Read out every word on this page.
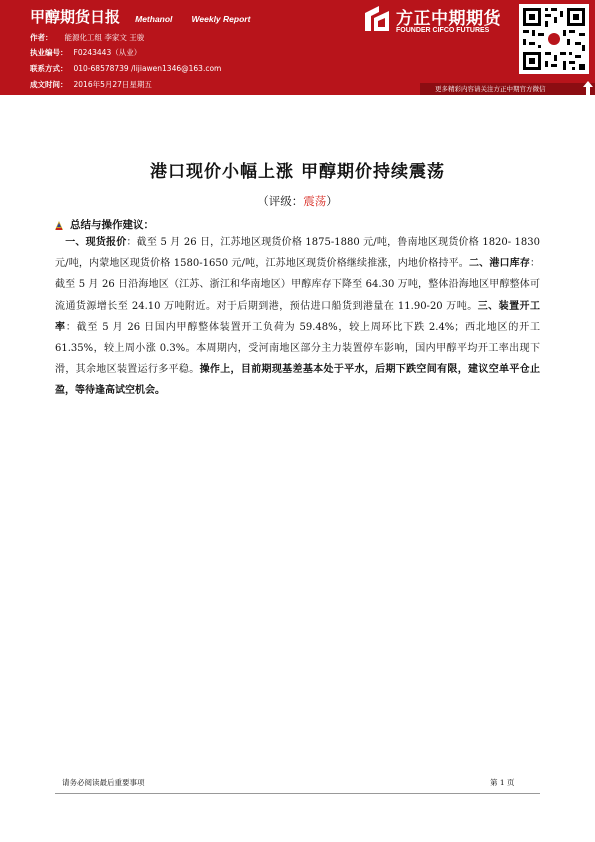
甲醇期货日报 Methanol Weekly Report
作者： 能源化工组 李家文 王骏
执业编号： F0243443（从业）
联系方式： 010-68578739 /lijiawen1346@163.com
成文时间： 2016年5月27日星期五
方正中期期货
FOUNDER CIFCO FUTURES
更多精彩内容请关注方正中期官方微信
港口现价小幅上涨 甲醇期价持续震荡
（评级：震荡）
总结与操作建议：
一、现货报价：截至 5 月 26 日，江苏地区现货价格 1875-1880 元/吨，鲁南地区现货价格 1820- 1830 元/吨，内蒙地区现货价格 1580-1650 元/吨，江苏地区现货价格继续推涨，内地价格持平。二、港口库存：截至 5 月 26 日沿海地区（江苏、浙江和华南地区）甲醇库存下降至 64.30 万吨，整体沿海地区甲醇整体可流通货源增长至 24.10 万吨附近。对于后期到港，预估进口船货到港量在 11.90-20 万吨。三、装置开工率：截至 5 月 26 日国内甲醇整体装置开工负荷为 59.48%，较上周环比下跌 2.4%；西北地区的开工 61.35%，较上周小涨 0.3%。本周期内，受河南地区部分主力装置停车影响，国内甲醇平均开工率出现下滑，其余地区装置运行多平稳。操作上，目前期现基差基本处于平水，后期下跌空间有限，建议空单平仓止盈，等待逢高试空机会。
请务必阅读最后重要事项	第 1 页
